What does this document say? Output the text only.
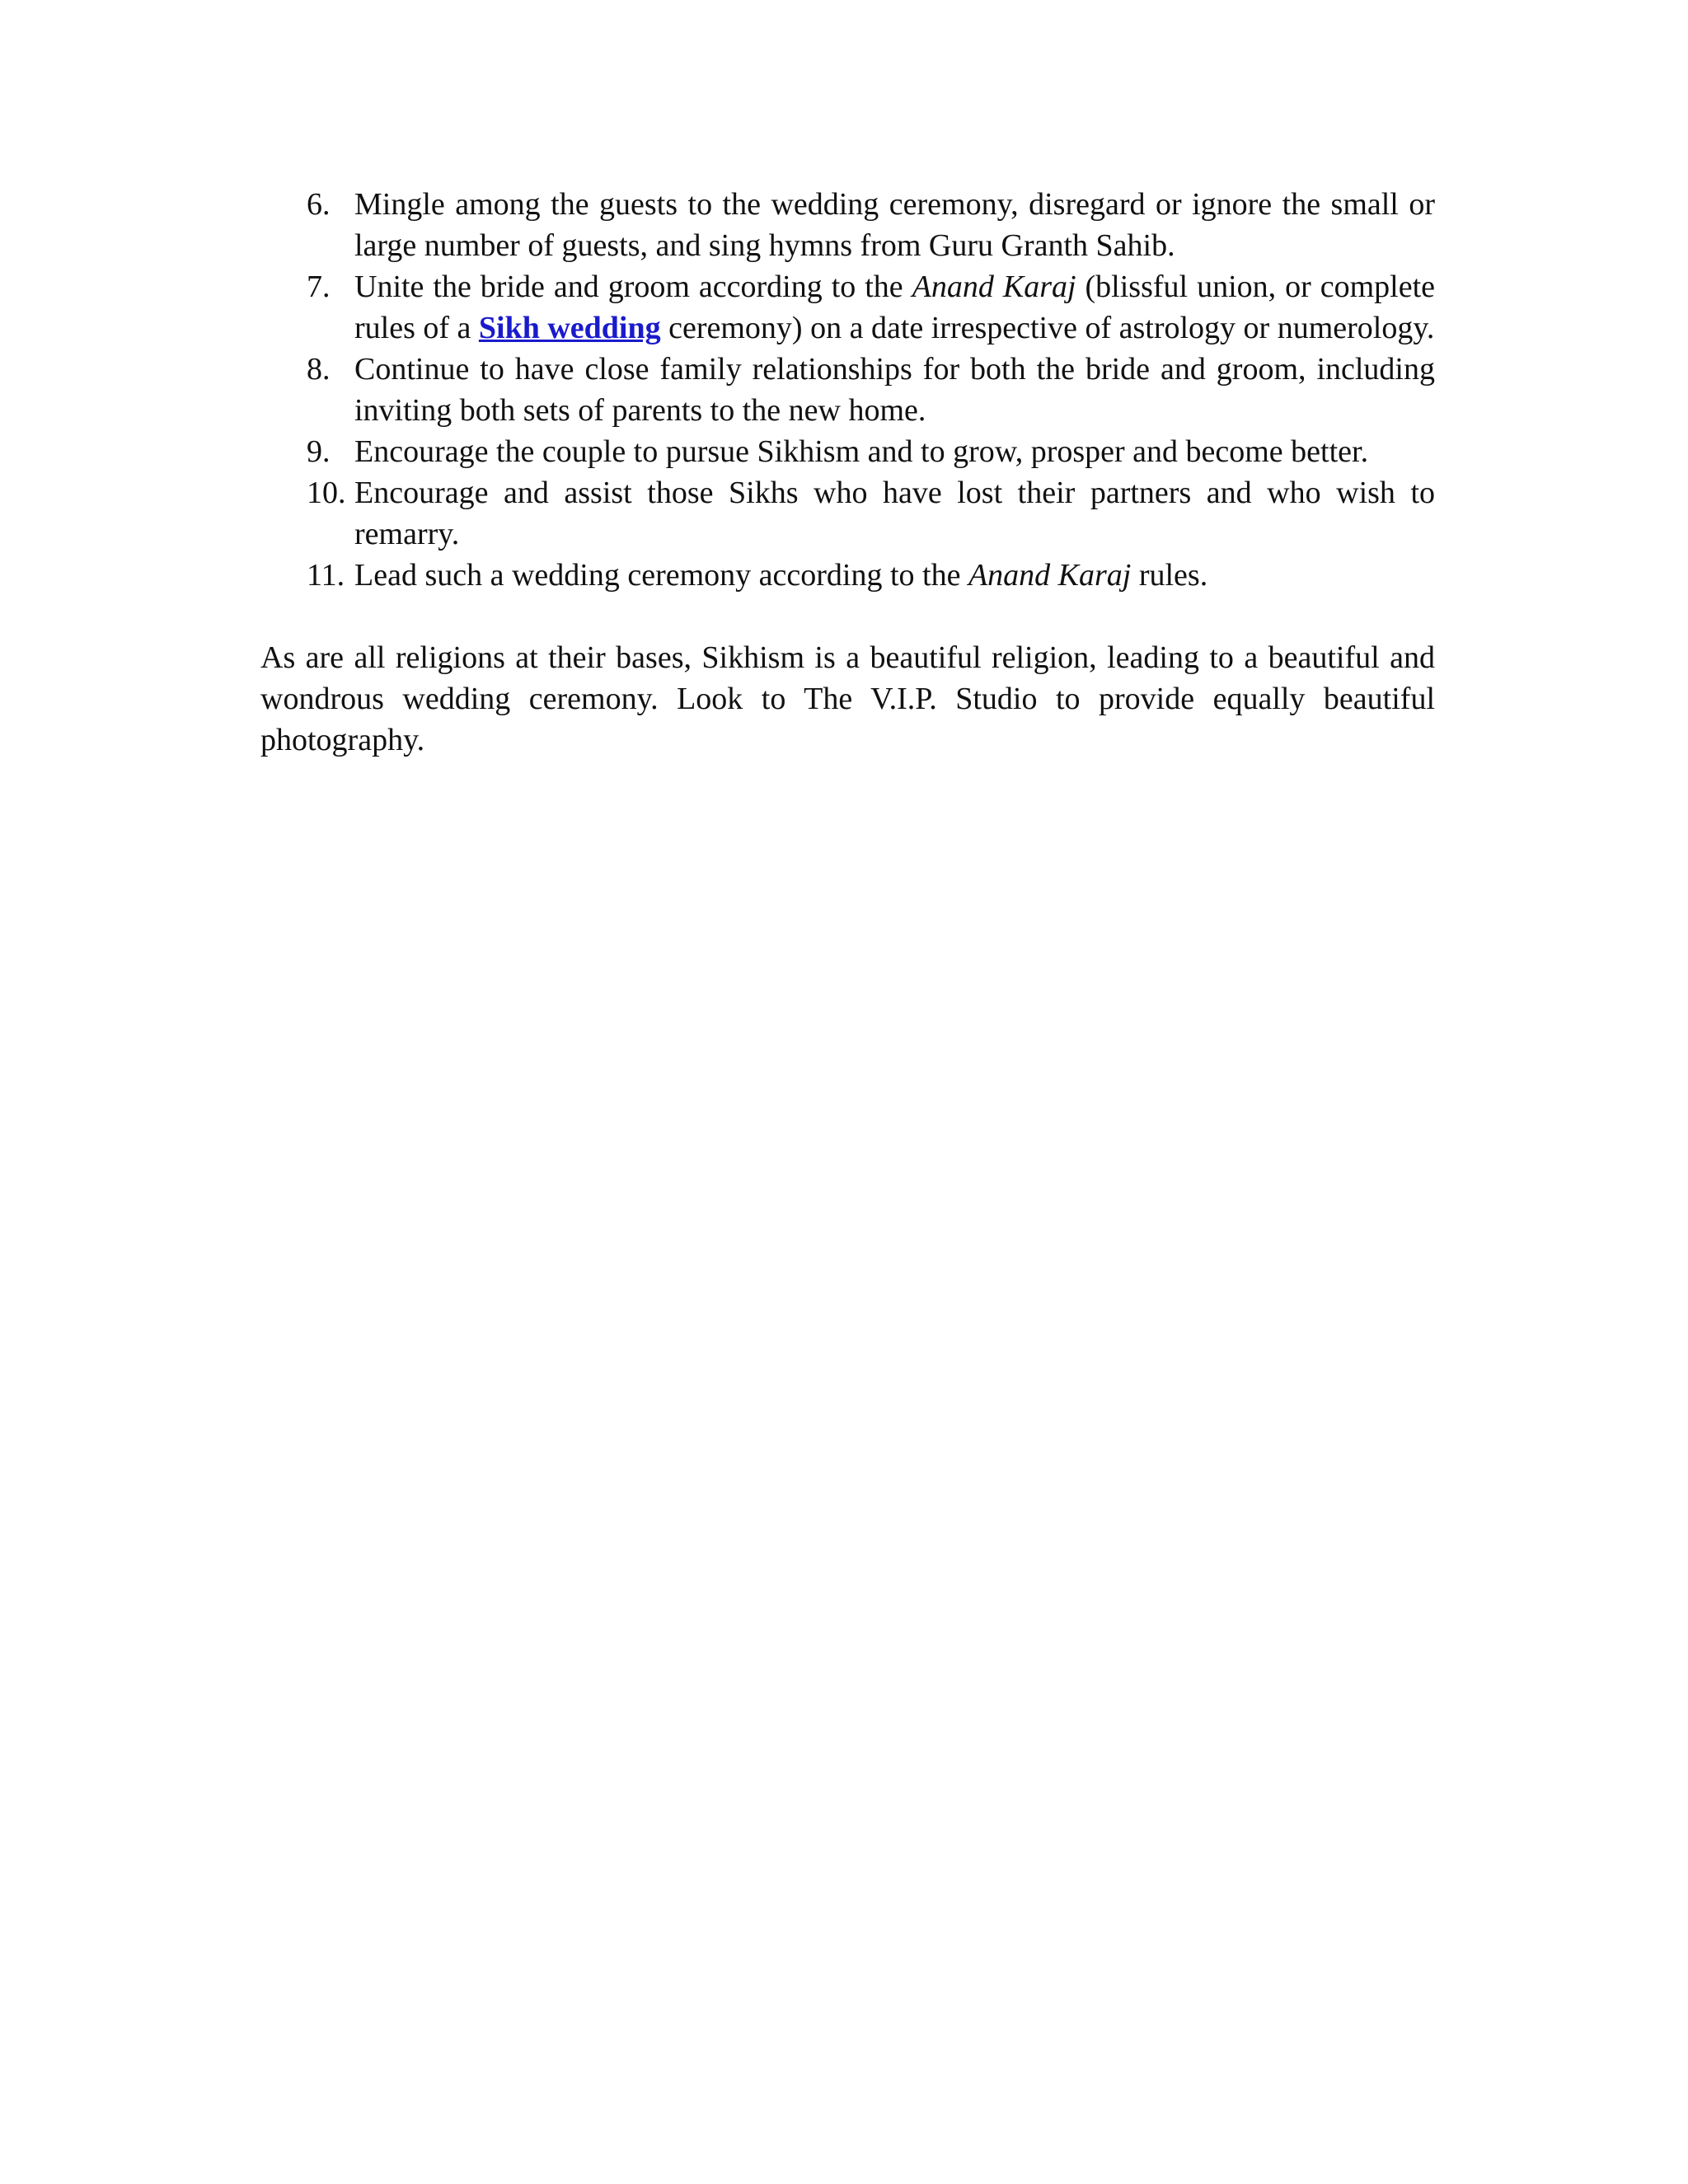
6. Mingle among the guests to the wedding ceremony, disregard or ignore the small or large number of guests, and sing hymns from Guru Granth Sahib.
7. Unite the bride and groom according to the Anand Karaj (blissful union, or complete rules of a Sikh wedding ceremony) on a date irrespective of astrology or numerology.
8. Continue to have close family relationships for both the bride and groom, including inviting both sets of parents to the new home.
9. Encourage the couple to pursue Sikhism and to grow, prosper and become better.
10. Encourage and assist those Sikhs who have lost their partners and who wish to remarry.
11. Lead such a wedding ceremony according to the Anand Karaj rules.

As are all religions at their bases, Sikhism is a beautiful religion, leading to a beautiful and wondrous wedding ceremony. Look to The V.I.P. Studio to provide equally beautiful photography.
